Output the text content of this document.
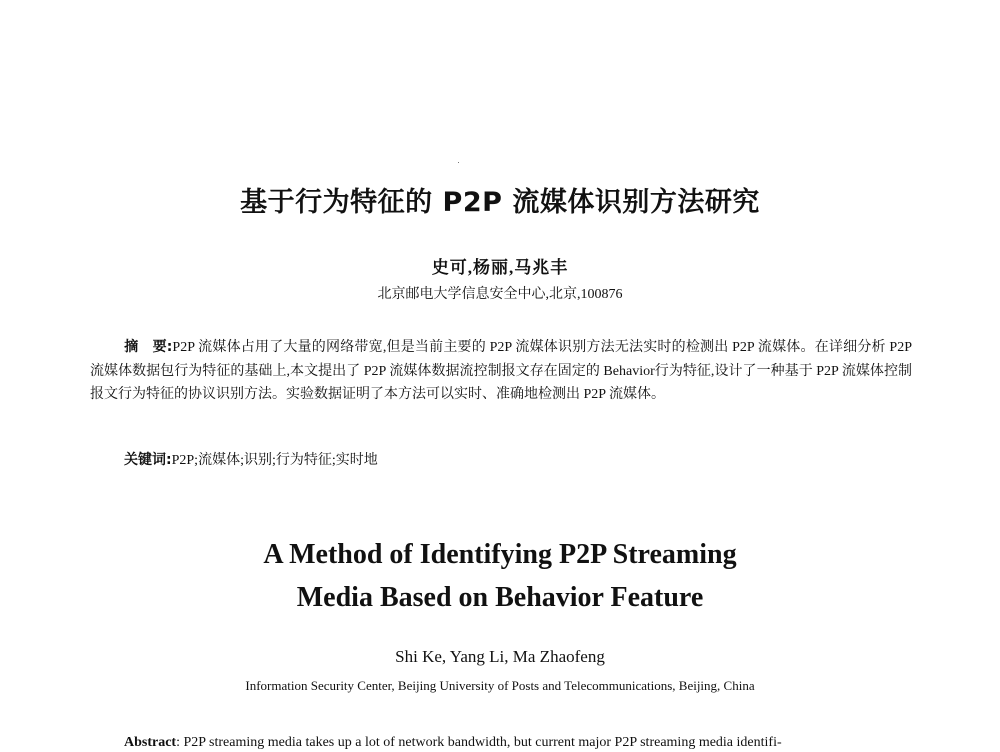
基于行为特征的 P2P 流媒体识别方法研究
史可,杨丽,马兆丰
北京邮电大学信息安全中心,北京,100876
摘　要:P2P 流媒体占用了大量的网络带宽,但是当前主要的 P2P 流媒体识别方法无法实时的检测出 P2P 流媒体。在详细分析 P2P 流媒体数据包行为特征的基础上,本文提出了 P2P 流媒体数据流控制报文存在固定的 Behavior行为特征,设计了一种基于 P2P 流媒体控制报文行为特征的协议识别方法。实验数据证明了本方法可以实时、准确地检测出 P2P 流媒体。
关键词:P2P;流媒体;识别;行为特征;实时地
A Method of Identifying P2P Streaming
Media Based on Behavior Feature
Shi Ke, Yang Li, Ma Zhaofeng
Information Security Center, Beijing University of Posts and Telecommunications, Beijing, China
Abstract: P2P streaming media takes up a lot of network bandwidth, but current major P2P streaming media identifi-
